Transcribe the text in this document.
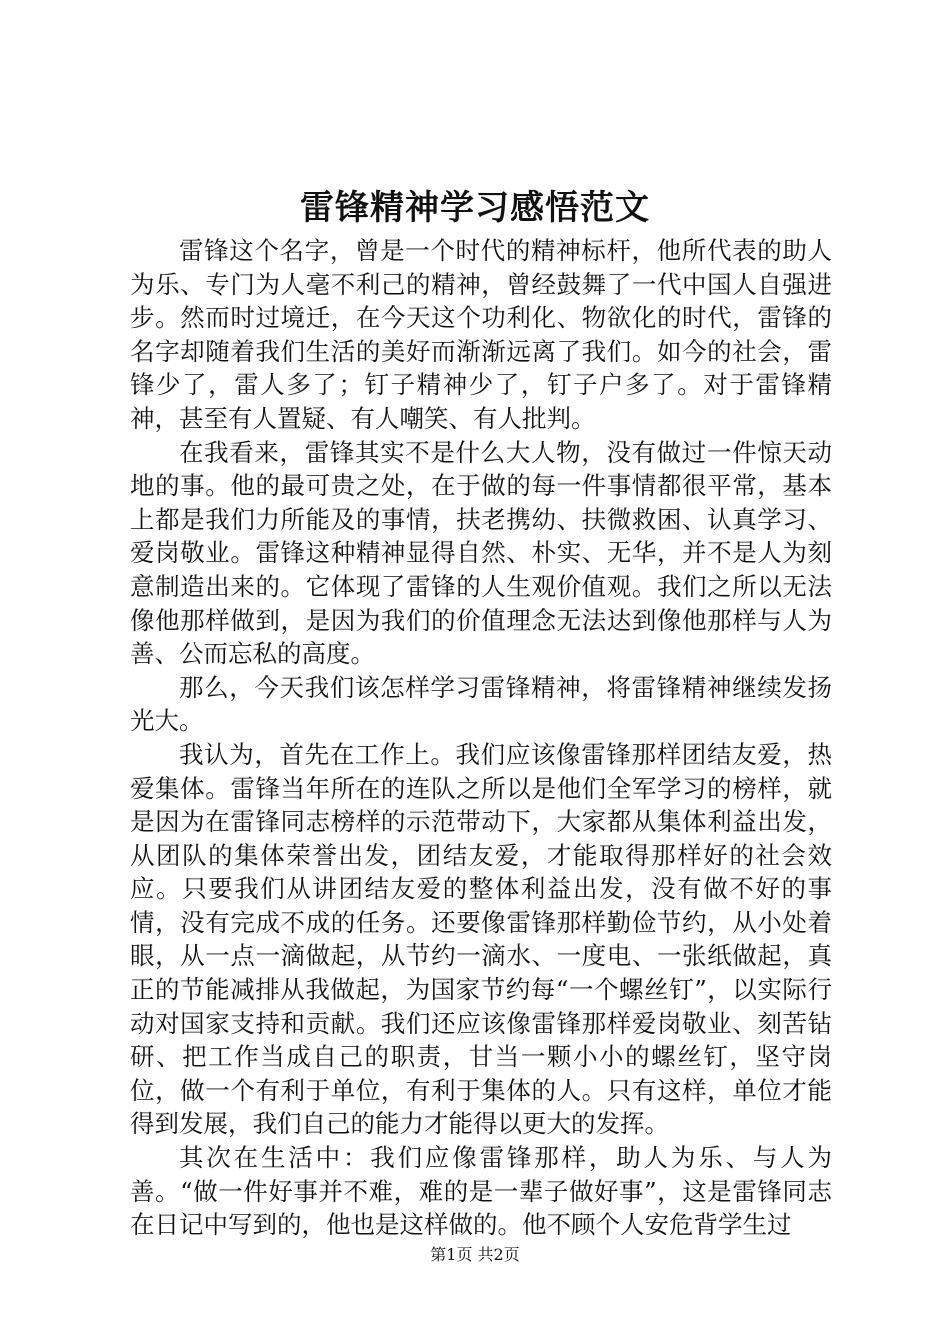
雷锋精神学习感悟范文

雷锋这个名字，曾是一个时代的精神标杆，他所代表的助人为乐、专门为人毫不利己的精神，曾经鼓舞了一代中国人自强进步。然而时过境迁，在今天这个功利化、物欲化的时代，雷锋的名字却随着我们生活的美好而渐渐远离了我们。如今的社会，雷锋少了，雷人多了；钉子精神少了，钉子户多了。对于雷锋精神，甚至有人置疑、有人嘲笑、有人批判。

在我看来，雷锋其实不是什么大人物，没有做过一件惊天动地的事。他的最可贵之处，在于做的每一件事情都很平常，基本上都是我们力所能及的事情，扶老携幼、扶微救困、认真学习、爱岗敬业。雷锋这种精神显得自然、朴实、无华，并不是人为刻意制造出来的。它体现了雷锋的人生观价值观。我们之所以无法像他那样做到，是因为我们的价值理念无法达到像他那样与人为善、公而忘私的高度。

那么，今天我们该怎样学习雷锋精神，将雷锋精神继续发扬光大。

我认为，首先在工作上。我们应该像雷锋那样团结友爱，热爱集体。雷锋当年所在的连队之所以是他们全军学习的榜样，就是因为在雷锋同志榜样的示范带动下，大家都从集体利益出发，从团队的集体荣誉出发，团结友爱，才能取得那样好的社会效应。只要我们从讲团结友爱的整体利益出发，没有做不好的事情，没有完成不成的任务。还要像雷锋那样勤俭节约，从小处着眼，从一点一滴做起，从节约一滴水、一度电、一张纸做起，真正的节能减排从我做起，为国家节约每“一个螺丝钉”，以实际行动对国家支持和贡献。我们还应该像雷锋那样爱岗敬业、刻苦钻研、把工作当成自己的职责，甘当一颗小小的螺丝钉，坚守岗位，做一个有利于单位，有利于集体的人。只有这样，单位才能得到发展，我们自己的能力才能得以更大的发挥。

其次在生活中：我们应像雷锋那样，助人为乐、与人为善。“做一件好事并不难，难的是一辈子做好事”，这是雷锋同志在日记中写到的，他也是这样做的。他不顾个人安危背学生过

第1页 共2页
